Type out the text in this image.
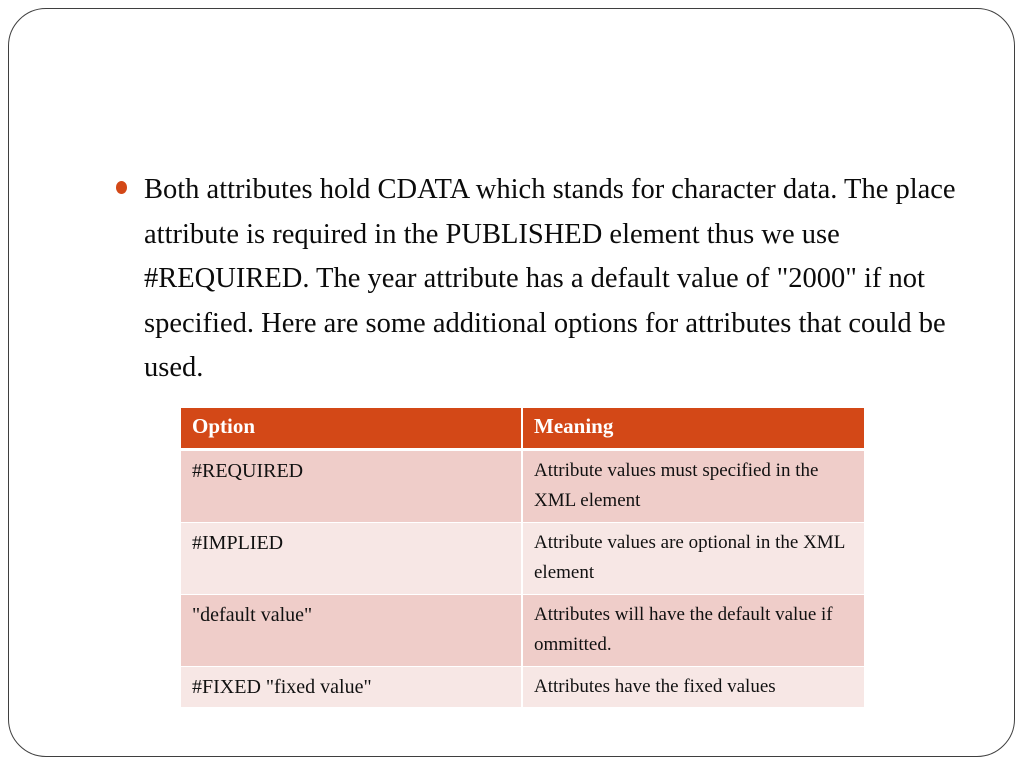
Both attributes hold CDATA which stands for character data. The place attribute is required in the PUBLISHED element thus we use #REQUIRED. The year attribute has a default value of "2000" if not specified. Here are some additional options for attributes that could be used.
Option	Meaning
#REQUIRED	Attribute values must specified in the XML element
#IMPLIED	Attribute values are optional in the XML element
"default value"	Attributes will have the default value if ommitted.
#FIXED "fixed value"	Attributes have the fixed values
